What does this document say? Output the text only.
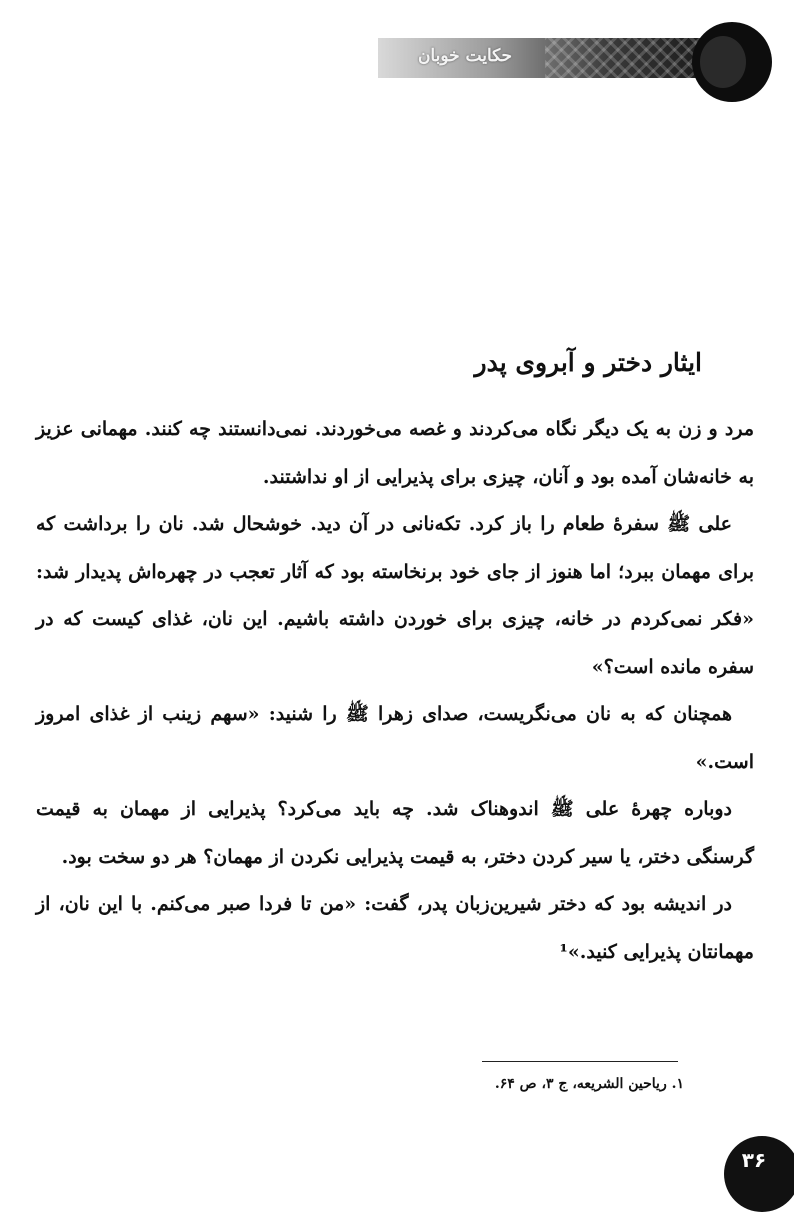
حکایت خوبان
ایثار دختر و آبروی پدر

مرد و زن به یک دیگر نگاه می‌کردند و غصه می‌خوردند. نمی‌دانستند چه کنند. مهمانی عزیز به خانه‌شان آمده بود و آنان، چیزی برای پذیرایی از او نداشتند.

علی ﷺ سفرهٔ طعام را باز کرد. تکه‌نانی در آن دید. خوشحال شد. نان را برداشت که برای مهمان ببرد؛ اما هنوز از جای خود برنخاسته بود که آثار تعجب در چهره‌اش پدیدار شد: «فکر نمی‌کردم در خانه، چیزی برای خوردن داشته باشیم. این نان، غذای کیست که در سفره مانده است؟»

همچنان که به نان می‌نگریست، صدای زهرا ﷺ را شنید: «سهم زینب از غذای امروز است.»

دوباره چهرهٔ علی ﷺ اندوهناک شد. چه باید می‌کرد؟ پذیرایی از مهمان به قیمت گرسنگی دختر، یا سیر کردن دختر، به قیمت پذیرایی نکردن از مهمان؟ هر دو سخت بود.

در اندیشه بود که دختر شیرین‌زبان پدر، گفت: «من تا فردا صبر می‌کنم. با این نان، از مهمانتان پذیرایی کنید.»¹

۱. ریاحین الشریعه، ج ۳، ص ۶۴.
۳۶
